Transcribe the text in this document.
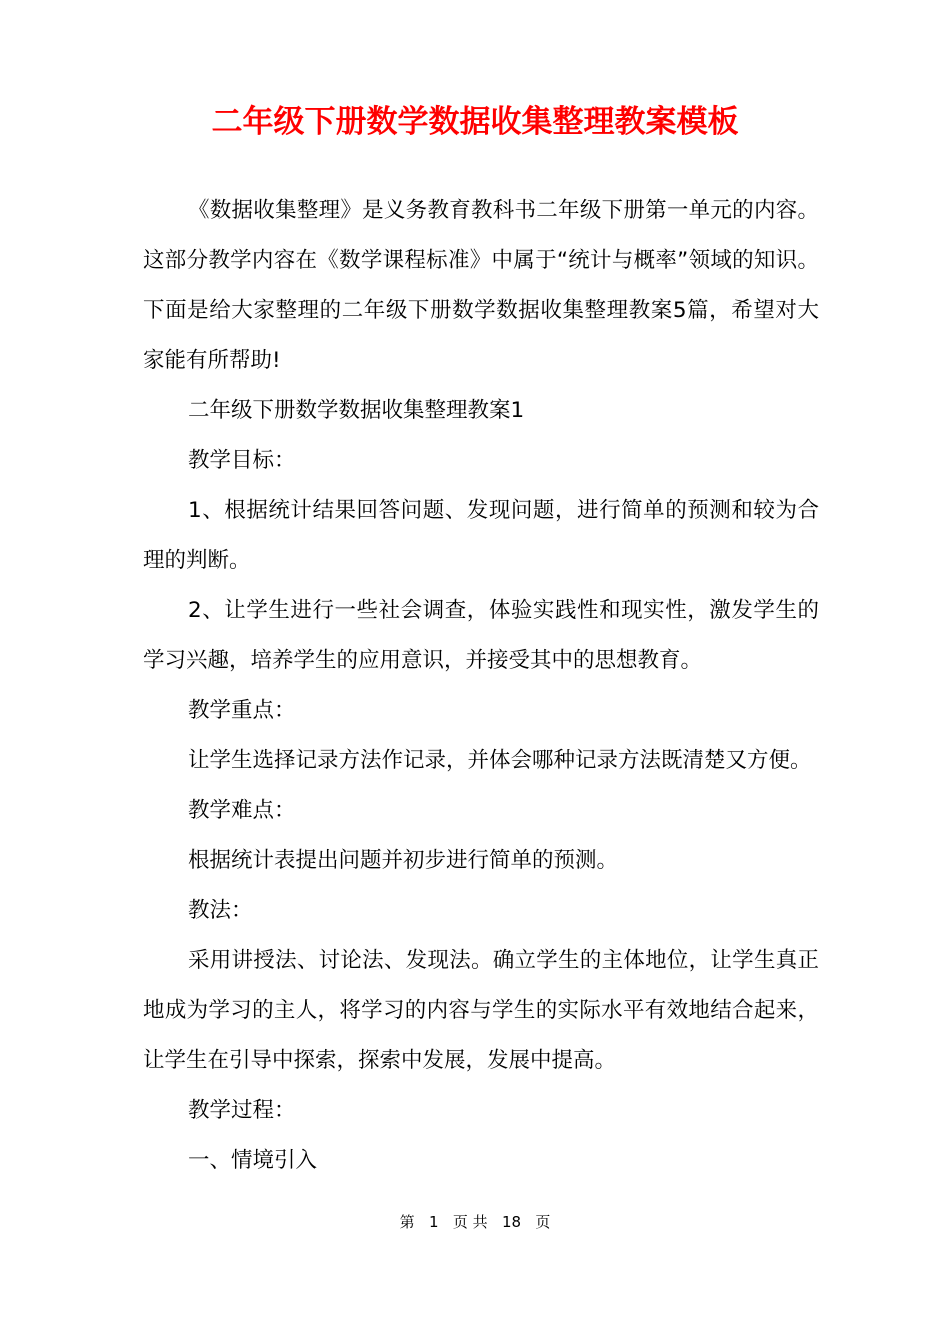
二年级下册数学数据收集整理教案模板

《数据收集整理》是义务教育教科书二年级下册第一单元的内容。这部分教学内容在《数学课程标准》中属于“统计与概率”领域的知识。下面是给大家整理的二年级下册数学数据收集整理教案5篇，希望对大家能有所帮助!

二年级下册数学数据收集整理教案1

教学目标：

1、根据统计结果回答问题、发现问题，进行简单的预测和较为合理的判断。

2、让学生进行一些社会调查，体验实践性和现实性，激发学生的学习兴趣，培养学生的应用意识，并接受其中的思想教育。

教学重点：

让学生选择记录方法作记录，并体会哪种记录方法既清楚又方便。

教学难点：

根据统计表提出问题并初步进行简单的预测。

教法：

采用讲授法、讨论法、发现法。确立学生的主体地位，让学生真正地成为学习的主人，将学习的内容与学生的实际水平有效地结合起来，让学生在引导中探索，探索中发展，发展中提高。

教学过程：

一、情境引入

第 1 页 共 18 页
